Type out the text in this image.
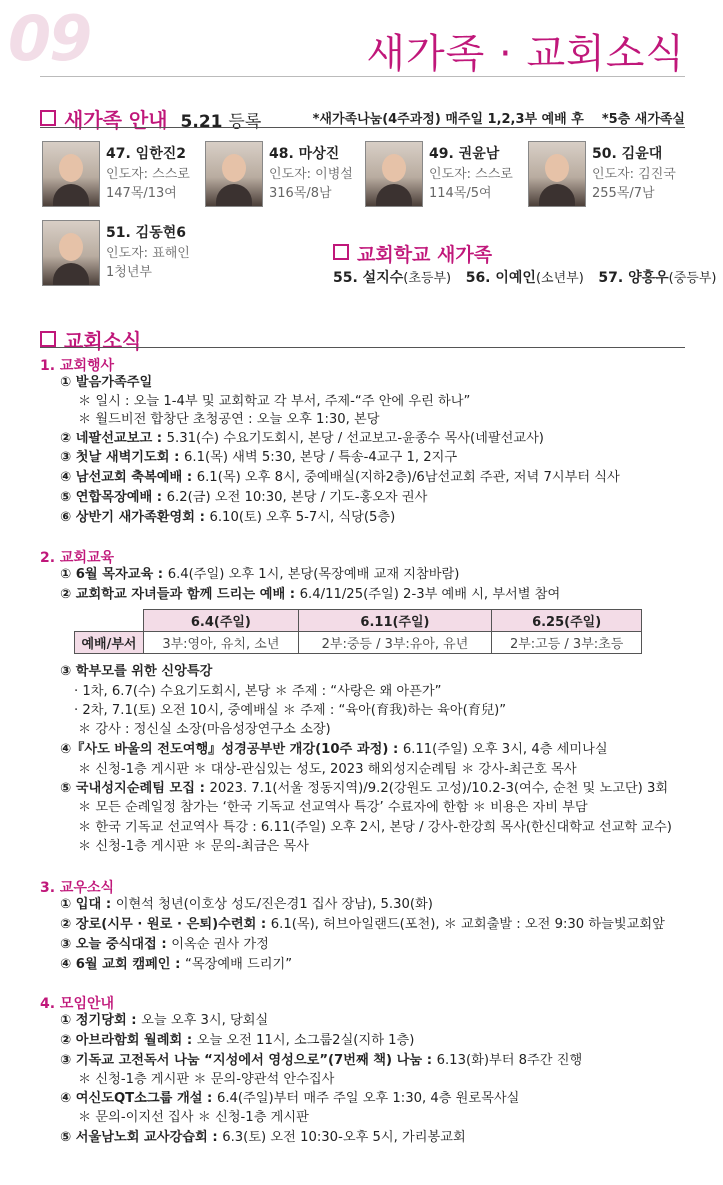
09	새가족 · 교회소식
새가족 안내 5.21 등록	*새가족나눔(4주과정) 매주일 1,2,3부 예배 후 *5층 새가족실
47. 임한진2
인도자: 스스로
147목/13여
48. 마상진
인도자: 이병설
316목/8남
49. 권윤남
인도자: 스스로
114목/5여
50. 김윤대
인도자: 김진국
255목/7남
51. 김동현6
인도자: 표해인
1청년부
교회학교 새가족
55. 설지수(초등부) 56. 이예인(소년부) 57. 양홍우(중등부)
교회소식
1. 교회행사
① 발음가족주일
＊ 일시 : 오늘 1-4부 및 교회학교 각 부서, 주제-“주 안에 우린 하나”
＊ 월드비전 합창단 초청공연 : 오늘 오후 1:30, 본당
② 네팔선교보고 : 5.31(수) 수요기도회시, 본당 / 선교보고-윤종수 목사(네팔선교사)
③ 첫날 새벽기도회 : 6.1(목) 새벽 5:30, 본당 / 특송-4교구 1, 2지구
④ 남선교회 축복예배 : 6.1(목) 오후 8시, 중예배실(지하2층)/6남선교회 주관, 저녁 7시부터 식사
⑤ 연합목장예배 : 6.2(금) 오전 10:30, 본당 / 기도-홍오자 권사
⑥ 상반기 새가족환영회 : 6.10(토) 오후 5-7시, 식당(5층)
2. 교회교육
① 6월 목자교육 : 6.4(주일) 오후 1시, 본당(목장예배 교재 지참바람)
② 교회학교 자녀들과 함께 드리는 예배 : 6.4/11/25(주일) 2-3부 예배 시, 부서별 참여
	6.4(주일)	6.11(주일)	6.25(주일)
예배/부서	3부:영아, 유치, 소년	2부:중등 / 3부:유아, 유년	2부:고등 / 3부:초등
③ 학부모를 위한 신앙특강
· 1차, 6.7(수) 수요기도회시, 본당 ＊ 주제 : “사랑은 왜 아픈가”
· 2차, 7.1(토) 오전 10시, 중예배실 ＊ 주제 : “육아(育我)하는 육아(育兒)”
＊ 강사 : 정신실 소장(마음성장연구소 소장)
④『사도 바울의 전도여행』성경공부반 개강(10주 과정) : 6.11(주일) 오후 3시, 4층 세미나실
＊ 신청-1층 게시판 ＊ 대상-관심있는 성도, 2023 해외성지순례팀 ＊ 강사-최근호 목사
⑤ 국내성지순례팀 모집 : 2023. 7.1(서울 정동지역)/9.2(강원도 고성)/10.2-3(여수, 순천 및 노고단) 3회
＊ 모든 순례일정 참가는 ‘한국 기독교 선교역사 특강’ 수료자에 한함 ＊ 비용은 자비 부담
＊ 한국 기독교 선교역사 특강 : 6.11(주일) 오후 2시, 본당 / 강사-한강희 목사(한신대학교 선교학 교수)
＊ 신청-1층 게시판 ＊ 문의-최금은 목사
3. 교우소식
① 입대 : 이현석 청년(이호상 성도/진은경1 집사 장남), 5.30(화)
② 장로(시무 · 원로 · 은퇴)수련회 : 6.1(목), 허브아일랜드(포천), ＊ 교회출발 : 오전 9:30 하늘빛교회앞
③ 오늘 중식대접 : 이옥순 권사 가정
④ 6월 교회 캠페인 : “목장예배 드리기”
4. 모임안내
① 정기당회 : 오늘 오후 3시, 당회실
② 아브라함회 월례회 : 오늘 오전 11시, 소그룹2실(지하 1층)
③ 기독교 고전독서 나눔 “지성에서 영성으로”(7번째 책) 나눔 : 6.13(화)부터 8주간 진행
＊ 신청-1층 게시판 ＊ 문의-양관석 안수집사
④ 여신도QT소그룹 개설 : 6.4(주일)부터 매주 주일 오후 1:30, 4층 원로목사실
＊ 문의-이지선 집사 ＊ 신청-1층 게시판
⑤ 서울남노회 교사강습회 : 6.3(토) 오전 10:30-오후 5시, 가리봉교회
